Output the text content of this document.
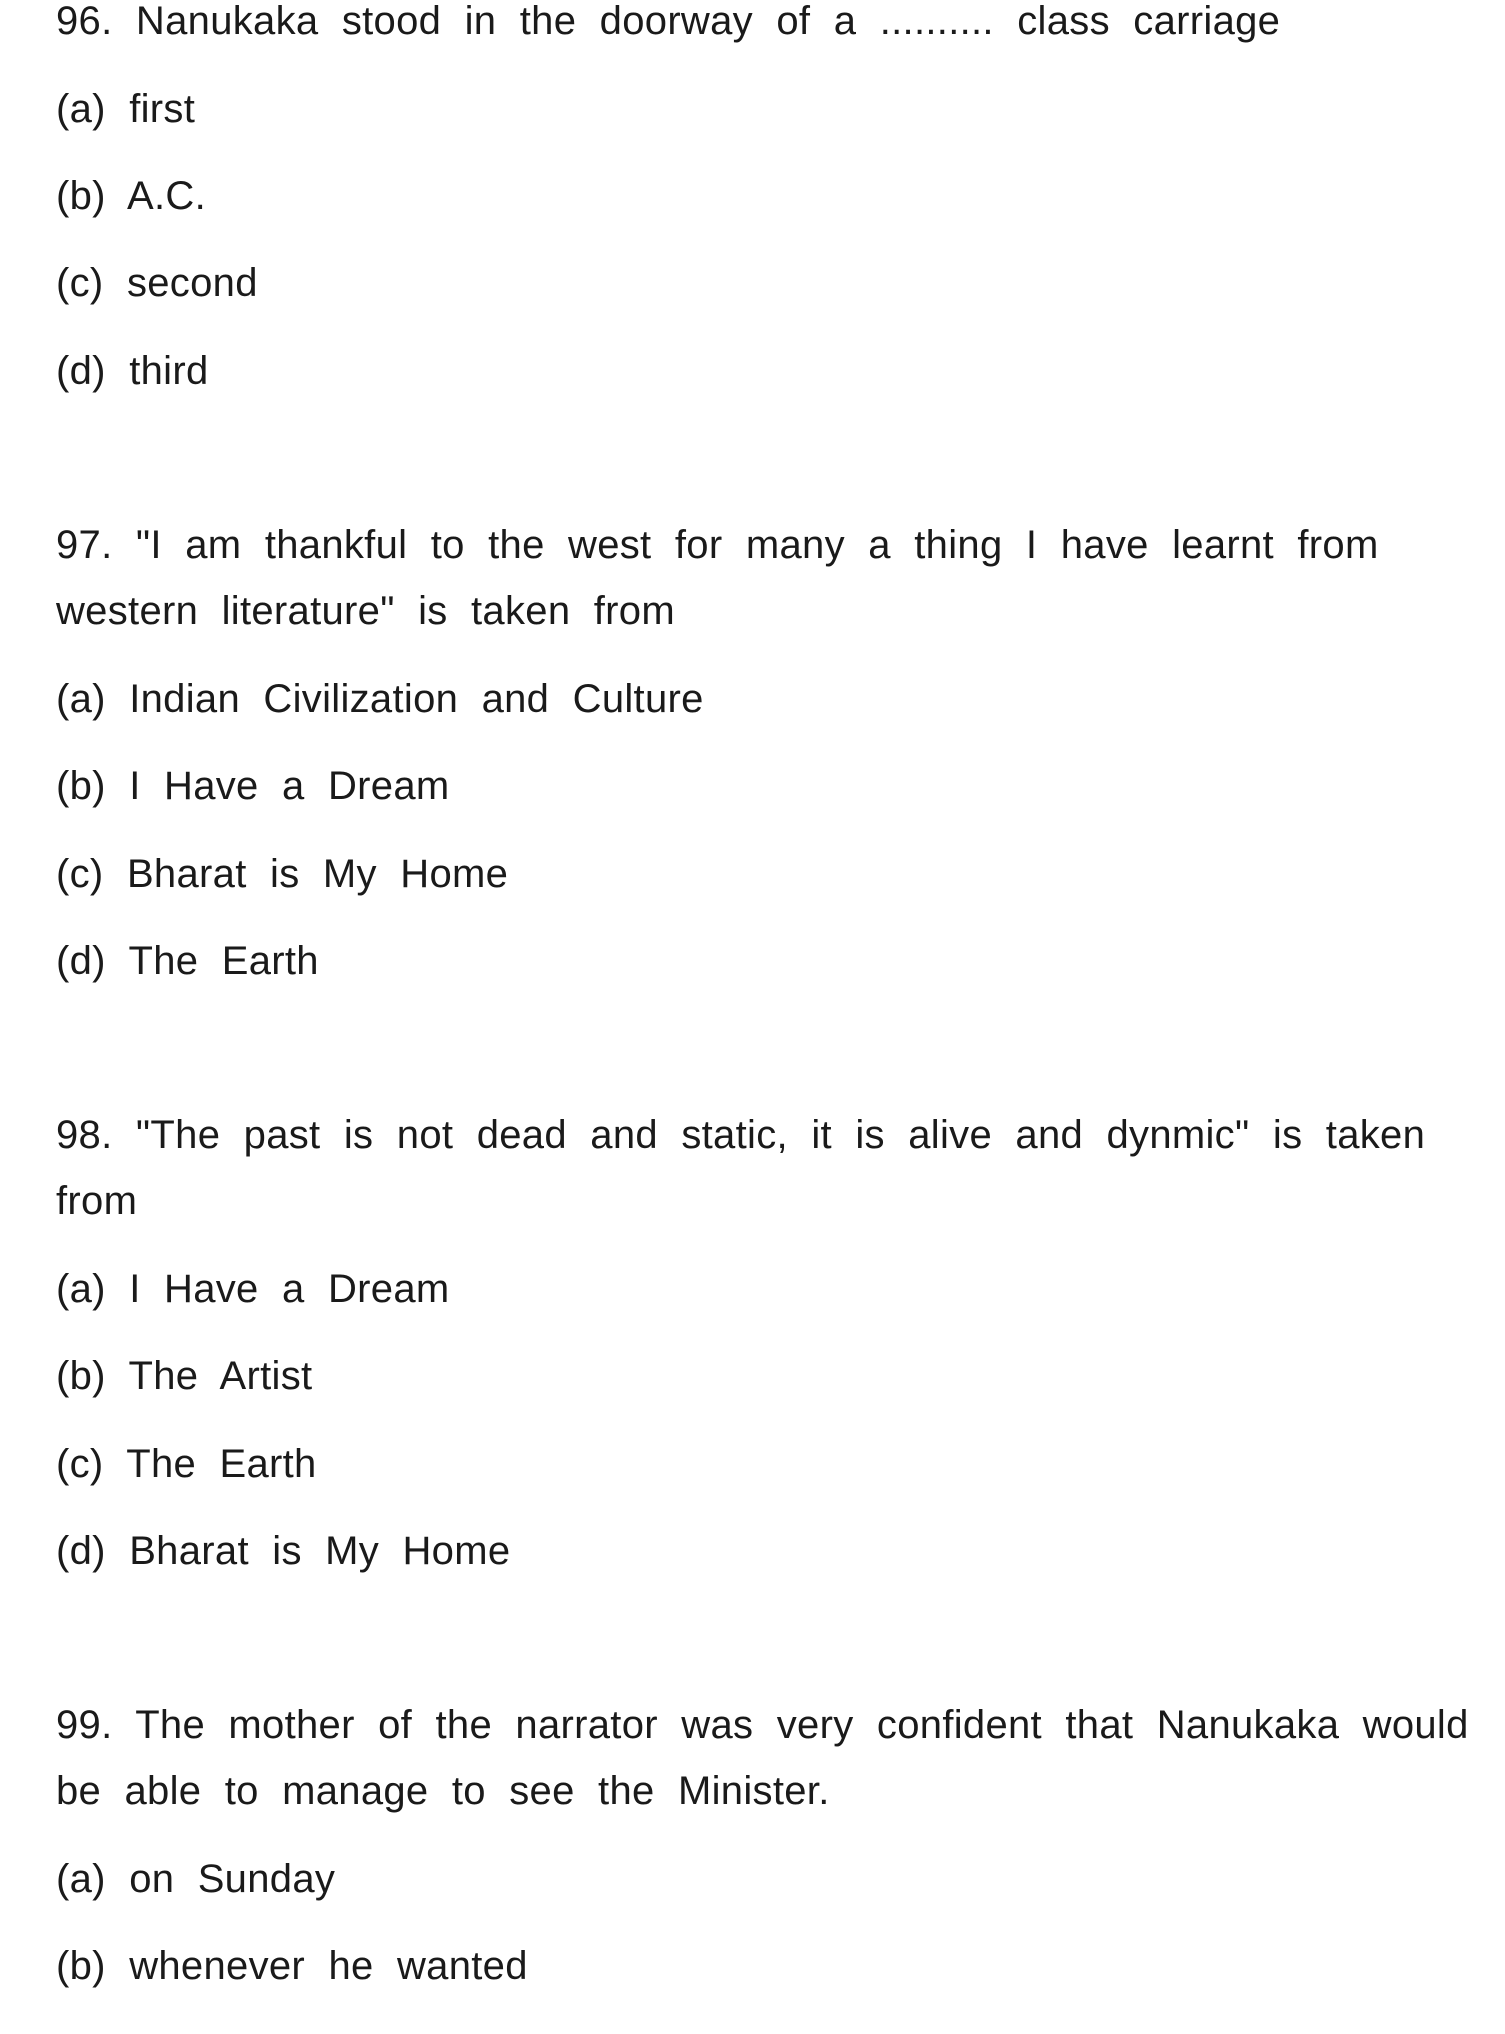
96. Nanukaka stood in the doorway of a .......... class carriage

(a) first

(b) A.C.

(c) second

(d) third

97. "I am thankful to the west for many a thing I have learnt from

western literature" is taken from

(a) Indian Civilization and Culture

(b) I Have a Dream

(c) Bharat is My Home

(d) The Earth

98. "The past is not dead and static, it is alive and dynmic" is taken

from

(a) I Have a Dream

(b) The Artist

(c) The Earth

(d) Bharat is My Home

99. The mother of the narrator was very confident that Nanukaka would

be able to manage to see the Minister.

(a) on Sunday

(b) whenever he wanted
